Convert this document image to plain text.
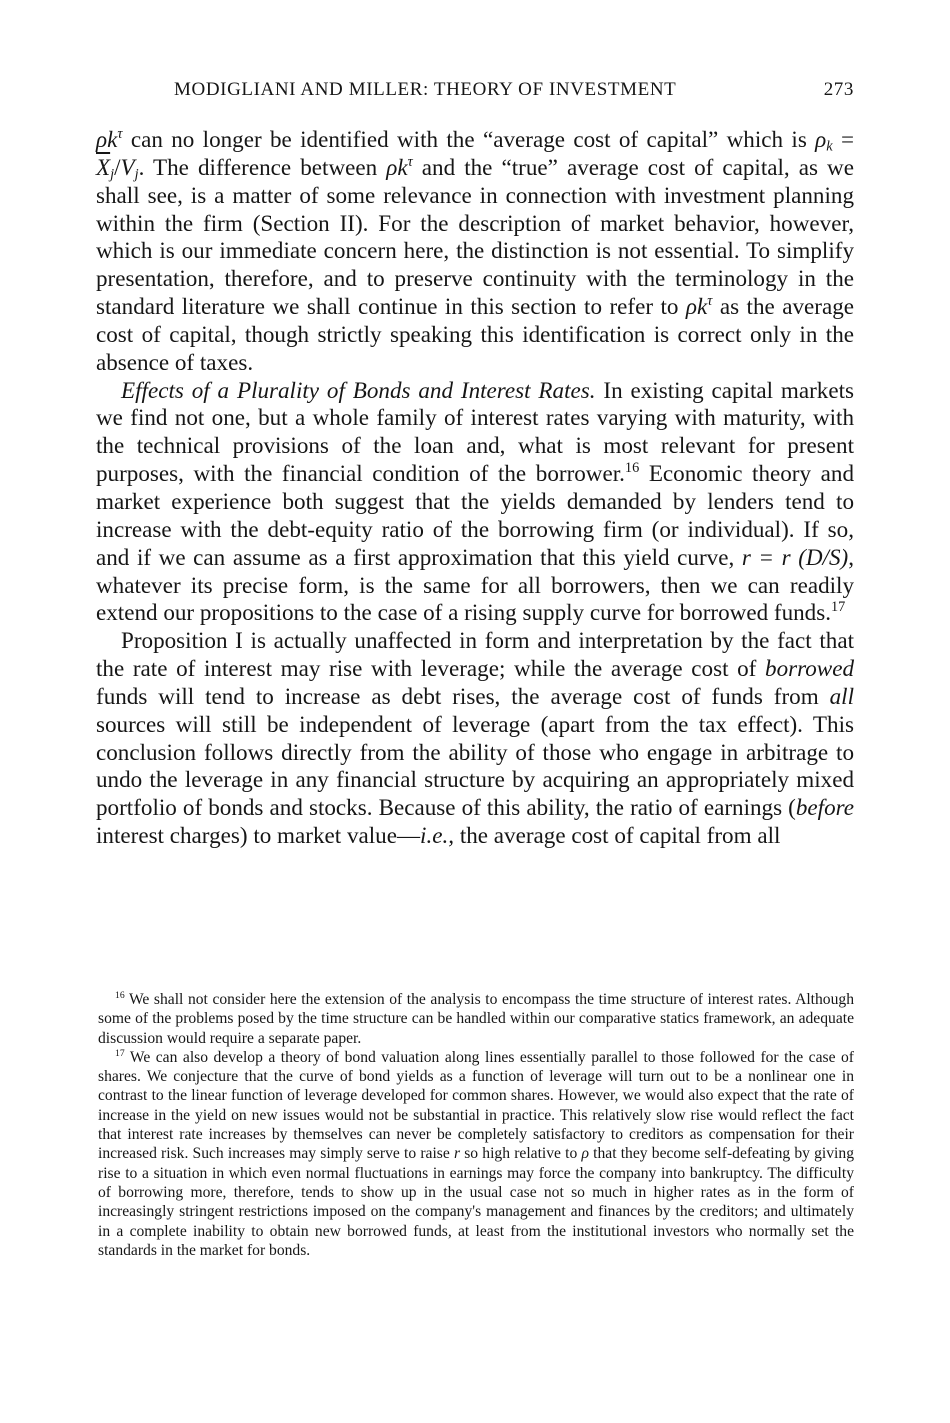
MODIGLIANI AND MILLER: THEORY OF INVESTMENT	273

$\rho k^\tau$ can no longer be identified with the “average cost of capital” which is $\rho_k = \overline{X}_j/V_j$. The difference between $\rho k^\tau$ and the “true” average cost of capital, as we shall see, is a matter of some relevance in connection with investment planning within the firm (Section II). For the description of market behavior, however, which is our immediate concern here, the distinction is not essential. To simplify presentation, therefore, and to preserve continuity with the terminology in the standard literature we shall continue in this section to refer to $\rho k^\tau$ as the average cost of capital, though strictly speaking this identification is correct only in the absence of taxes.

Effects of a Plurality of Bonds and Interest Rates. In existing capital markets we find not one, but a whole family of interest rates varying with maturity, with the technical provisions of the loan and, what is most relevant for present purposes, with the financial condition of the borrower.$^{16}$ Economic theory and market experience both suggest that the yields demanded by lenders tend to increase with the debt-equity ratio of the borrowing firm (or individual). If so, and if we can assume as a first approximation that this yield curve, r = r (D/S), whatever its precise form, is the same for all borrowers, then we can readily extend our propositions to the case of a rising supply curve for borrowed funds.$^{17}$

Proposition I is actually unaffected in form and interpretation by the fact that the rate of interest may rise with leverage; while the average cost of borrowed funds will tend to increase as debt rises, the average cost of funds from all sources will still be independent of leverage (apart from the tax effect). This conclusion follows directly from the ability of those who engage in arbitrage to undo the leverage in any financial structure by acquiring an appropriately mixed portfolio of bonds and stocks. Because of this ability, the ratio of earnings (before interest charges) to market value—i.e., the average cost of capital from all

$^{16}$ We shall not consider here the extension of the analysis to encompass the time structure of interest rates. Although some of the problems posed by the time structure can be handled within our comparative statics framework, an adequate discussion would require a separate paper.

$^{17}$ We can also develop a theory of bond valuation along lines essentially parallel to those followed for the case of shares. We conjecture that the curve of bond yields as a function of leverage will turn out to be a nonlinear one in contrast to the linear function of leverage developed for common shares. However, we would also expect that the rate of increase in the yield on new issues would not be substantial in practice. This relatively slow rise would reflect the fact that interest rate increases by themselves can never be completely satisfactory to creditors as compensation for their increased risk. Such increases may simply serve to raise r so high relative to ρ that they become self-defeating by giving rise to a situation in which even normal fluctuations in earnings may force the company into bankruptcy. The difficulty of borrowing more, therefore, tends to show up in the usual case not so much in higher rates as in the form of increasingly stringent restrictions imposed on the company's management and finances by the creditors; and ultimately in a complete inability to obtain new borrowed funds, at least from the institutional investors who normally set the standards in the market for bonds.
